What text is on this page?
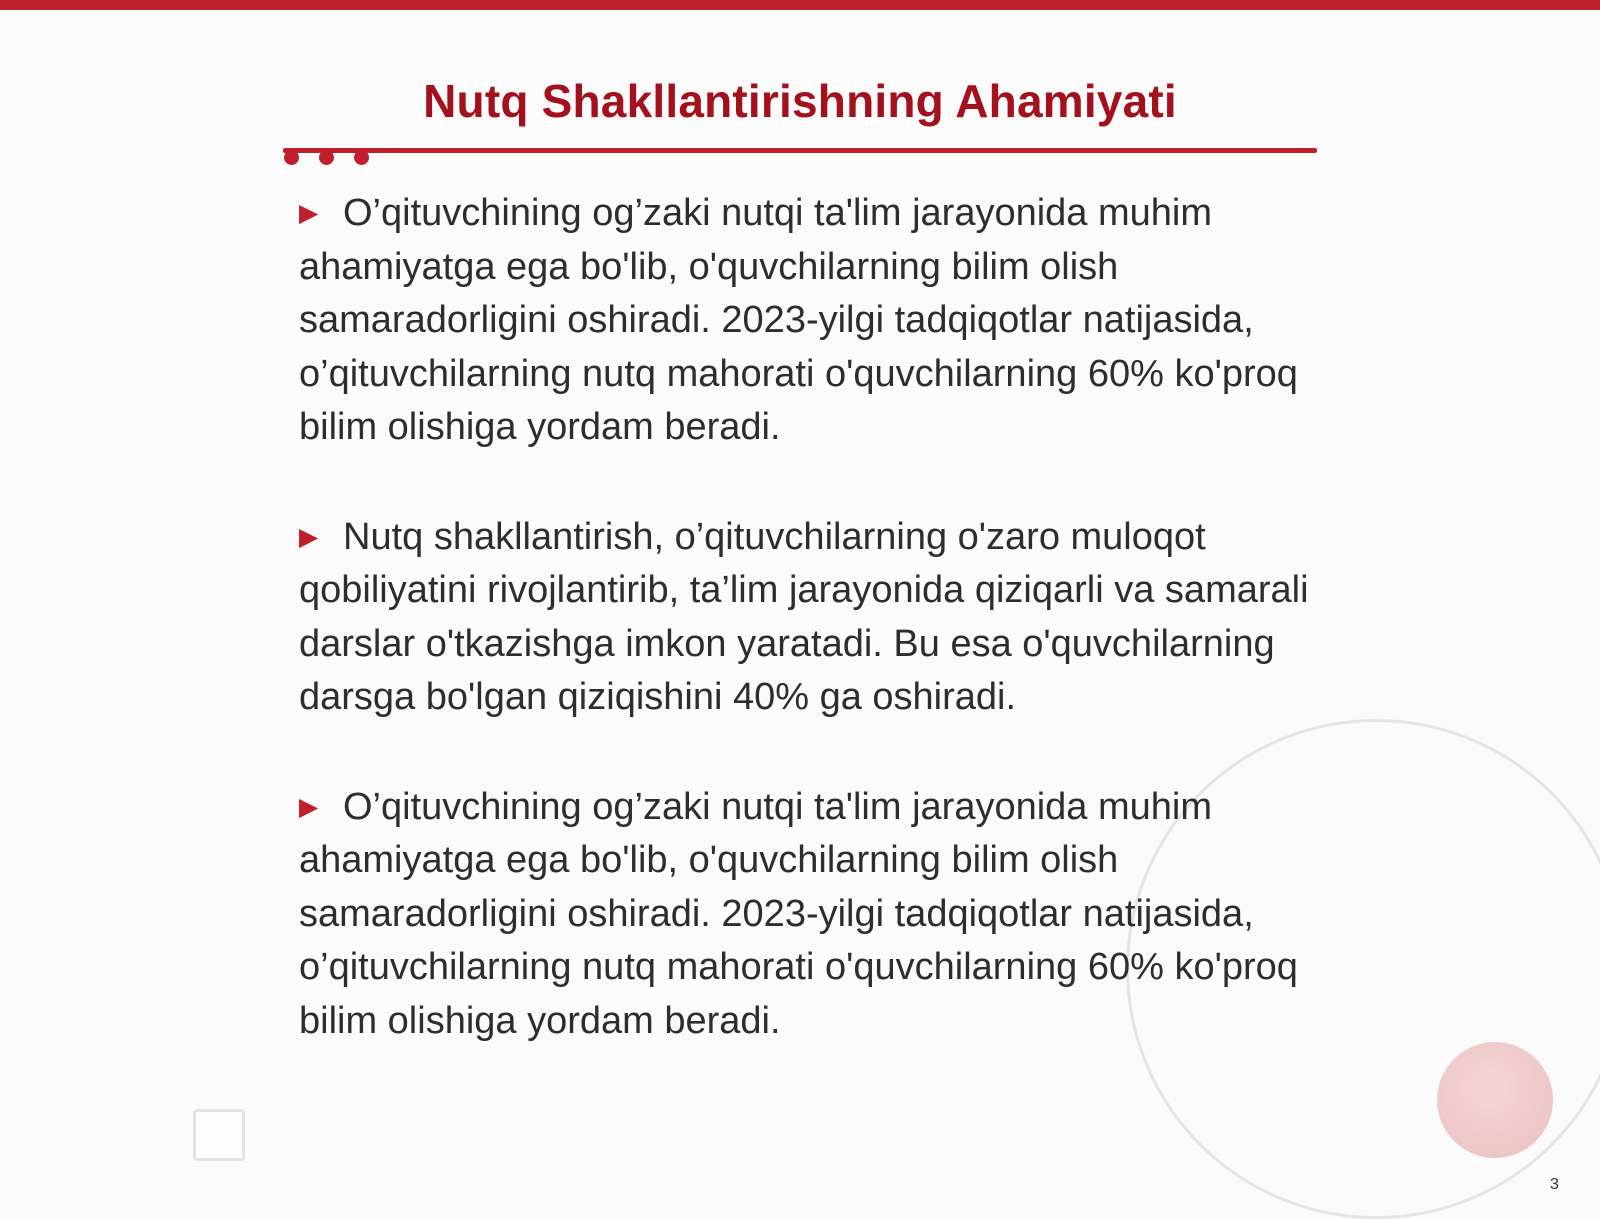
Nutq Shakllantirishning Ahamiyati

▶ O’qituvchining og’zaki nutqi ta'lim jarayonida muhim ahamiyatga ega bo'lib, o'quvchilarning bilim olish samaradorligini oshiradi. 2023-yilgi tadqiqotlar natijasida, o’qituvchilarning nutq mahorati o'quvchilarning 60% ko'proq bilim olishiga yordam beradi.

▶ Nutq shakllantirish, o’qituvchilarning o'zaro muloqot qobiliyatini rivojlantirib, ta’lim jarayonida qiziqarli va samarali darslar o'tkazishga imkon yaratadi. Bu esa o'quvchilarning darsga bo'lgan qiziqishini 40% ga oshiradi.

▶ O’qituvchining og’zaki nutqi ta'lim jarayonida muhim ahamiyatga ega bo'lib, o'quvchilarning bilim olish samaradorligini oshiradi. 2023-yilgi tadqiqotlar natijasida, o’qituvchilarning nutq mahorati o'quvchilarning 60% ko'proq bilim olishiga yordam beradi.

3
